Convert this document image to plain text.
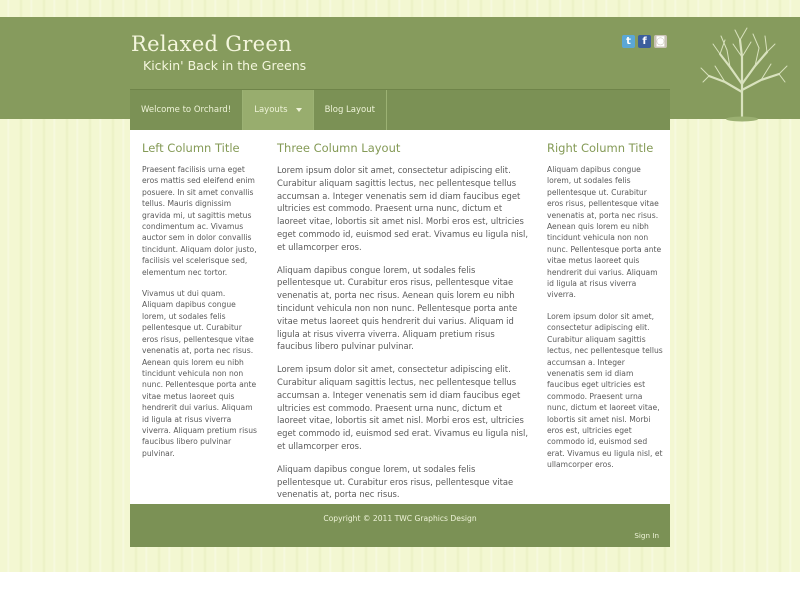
Relaxed Green
Kickin' Back in the Greens
t	f ◙
Welcome to Orchard!	Layouts	Blog Layout
Left Column Title

Praesent facilisis urna eget eros mattis sed eleifend enim posuere. In sit amet convallis tellus. Mauris dignissim gravida mi, ut sagittis metus condimentum ac. Vivamus auctor sem in dolor convallis tincidunt. Aliquam dolor justo, facilisis vel scelerisque sed, elementum nec tortor.

Vivamus ut dui quam. Aliquam dapibus congue lorem, ut sodales felis pellentesque ut. Curabitur eros risus, pellentesque vitae venenatis at, porta nec risus. Aenean quis lorem eu nibh tincidunt vehicula non non nunc. Pellentesque porta ante vitae metus laoreet quis hendrerit dui varius. Aliquam id ligula at risus viverra viverra. Aliquam pretium risus faucibus libero pulvinar pulvinar.

Three Column Layout

Lorem ipsum dolor sit amet, consectetur adipiscing elit. Curabitur aliquam sagittis lectus, nec pellentesque tellus accumsan a. Integer venenatis sem id diam faucibus eget ultricies est commodo. Praesent urna nunc, dictum et laoreet vitae, lobortis sit amet nisl. Morbi eros est, ultricies eget commodo id, euismod sed erat. Vivamus eu ligula nisl, et ullamcorper eros.

Aliquam dapibus congue lorem, ut sodales felis pellentesque ut. Curabitur eros risus, pellentesque vitae venenatis at, porta nec risus. Aenean quis lorem eu nibh tincidunt vehicula non non nunc. Pellentesque porta ante vitae metus laoreet quis hendrerit dui varius. Aliquam id ligula at risus viverra viverra. Aliquam pretium risus faucibus libero pulvinar pulvinar.

Lorem ipsum dolor sit amet, consectetur adipiscing elit. Curabitur aliquam sagittis lectus, nec pellentesque tellus accumsan a. Integer venenatis sem id diam faucibus eget ultricies est commodo. Praesent urna nunc, dictum et laoreet vitae, lobortis sit amet nisl. Morbi eros est, ultricies eget commodo id, euismod sed erat. Vivamus eu ligula nisl, et ullamcorper eros.

Aliquam dapibus congue lorem, ut sodales felis pellentesque ut. Curabitur eros risus, pellentesque vitae venenatis at, porta nec risus.

Right Column Title

Aliquam dapibus congue lorem, ut sodales felis pellentesque ut. Curabitur eros risus, pellentesque vitae venenatis at, porta nec risus. Aenean quis lorem eu nibh tincidunt vehicula non non nunc. Pellentesque porta ante vitae metus laoreet quis hendrerit dui varius. Aliquam id ligula at risus viverra viverra.

Lorem ipsum dolor sit amet, consectetur adipiscing elit. Curabitur aliquam sagittis lectus, nec pellentesque tellus accumsan a. Integer venenatis sem id diam faucibus eget ultricies est commodo. Praesent urna nunc, dictum et laoreet vitae, lobortis sit amet nisl. Morbi eros est, ultricies eget commodo id, euismod sed erat. Vivamus eu ligula nisl, et ullamcorper eros.

Copyright © 2011 TWC Graphics Design
Sign In
